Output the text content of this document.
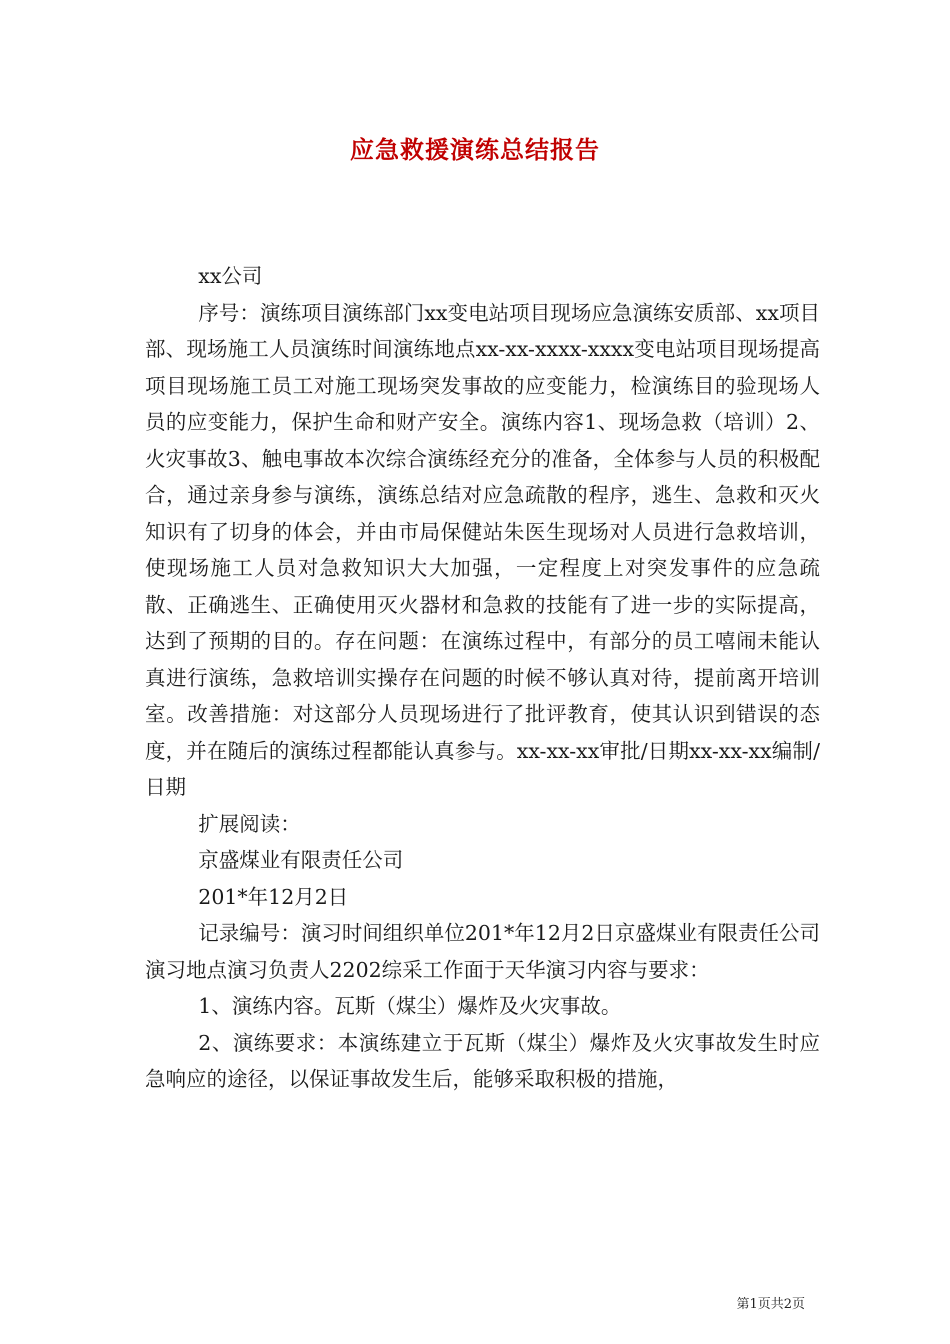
应急救援演练总结报告

xx公司

序号：演练项目演练部门xx变电站项目现场应急演练安质部、xx项目部、现场施工人员演练时间演练地点xx-xx-xxxx-xxxx变电站项目现场提高项目现场施工员工对施工现场突发事故的应变能力，检演练目的验现场人员的应变能力，保护生命和财产安全。演练内容1、现场急救（培训）2、火灾事故3、触电事故本次综合演练经充分的准备，全体参与人员的积极配合，通过亲身参与演练，演练总结对应急疏散的程序，逃生、急救和灭火知识有了切身的体会，并由市局保健站朱医生现场对人员进行急救培训，使现场施工人员对急救知识大大加强，一定程度上对突发事件的应急疏散、正确逃生、正确使用灭火器材和急救的技能有了进一步的实际提高，达到了预期的目的。存在问题：在演练过程中，有部分的员工嘻闹未能认真进行演练，急救培训实操存在问题的时候不够认真对待，提前离开培训室。改善措施：对这部分人员现场进行了批评教育，使其认识到错误的态度，并在随后的演练过程都能认真参与。xx-xx-xx审批/日期xx-xx-xx编制/日期

扩展阅读：

京盛煤业有限责任公司

201*年12月2日

记录编号：演习时间组织单位201*年12月2日京盛煤业有限责任公司演习地点演习负责人2202综采工作面于天华演习内容与要求：

1、演练内容。瓦斯（煤尘）爆炸及火灾事故。

2、演练要求：本演练建立于瓦斯（煤尘）爆炸及火灾事故发生时应急响应的途径，以保证事故发生后，能够采取积极的措施，

第1页共2页
